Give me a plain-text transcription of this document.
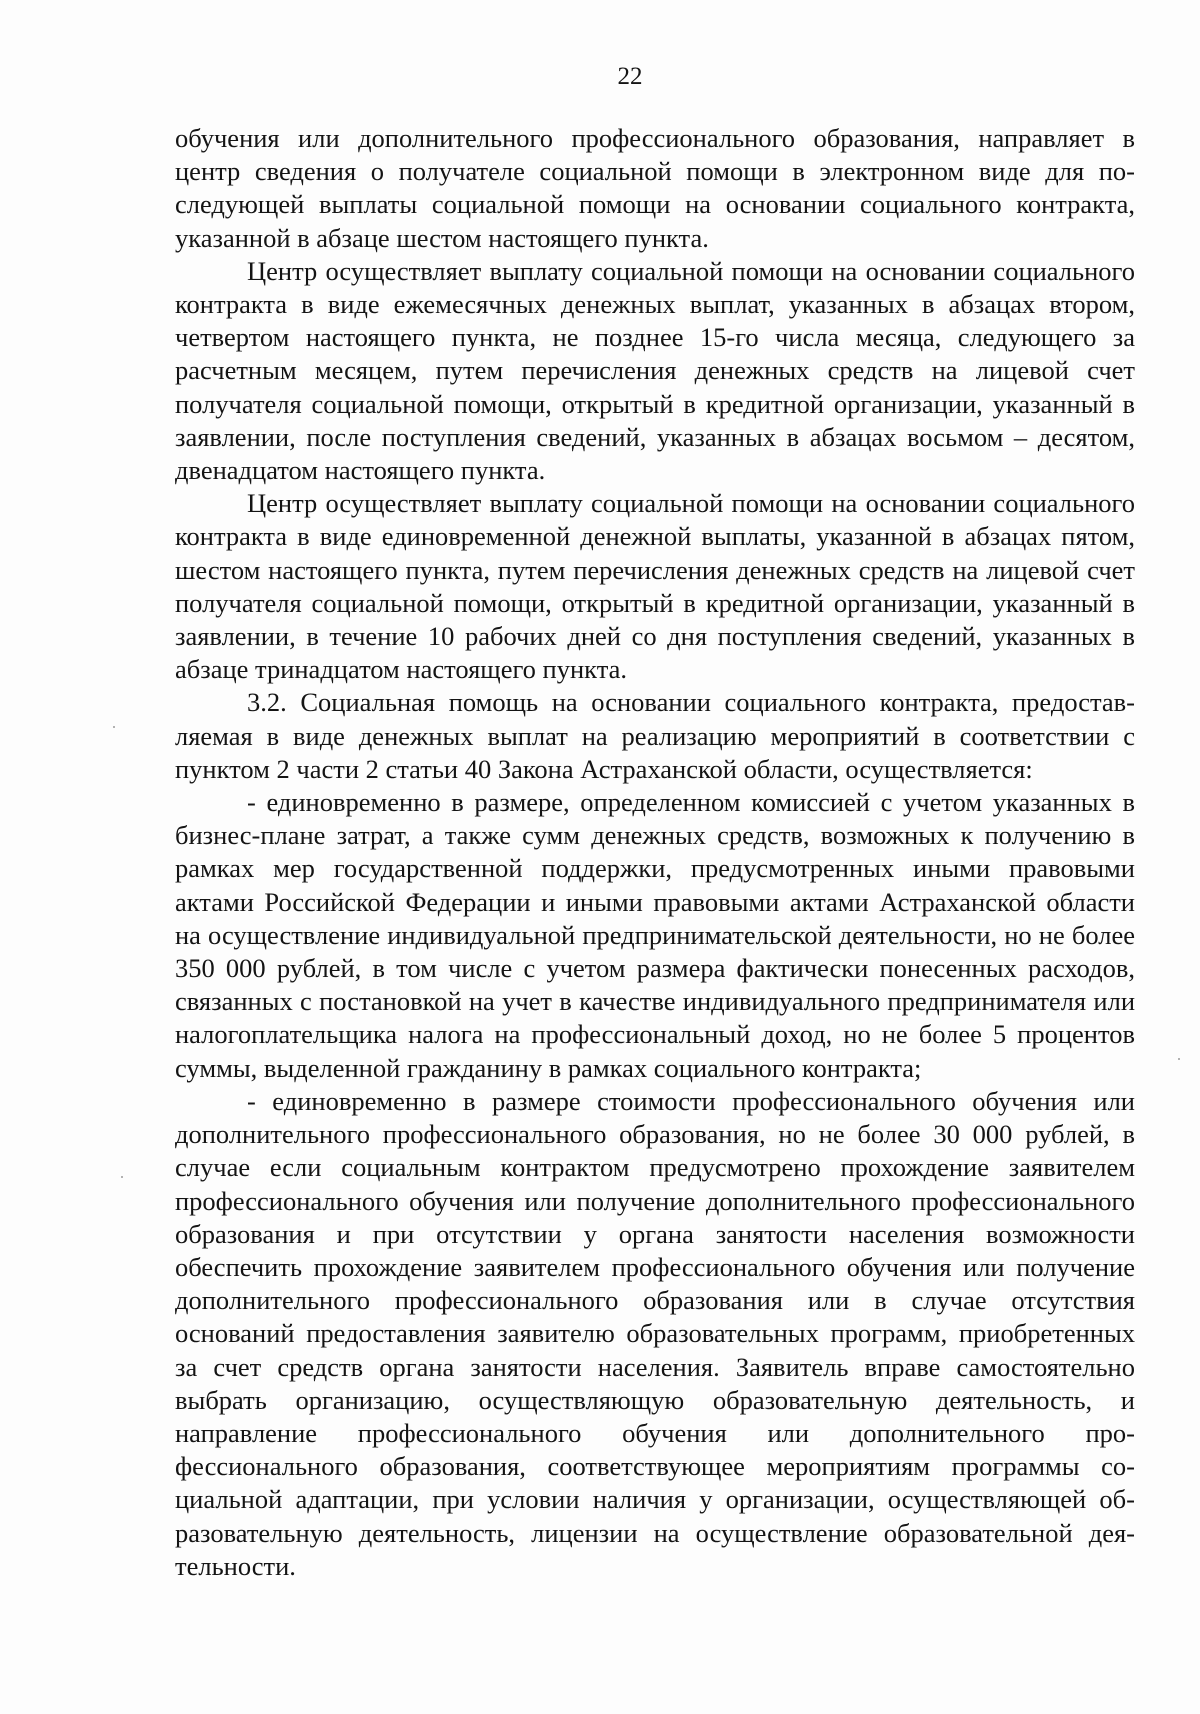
22

обучения или дополнительного профессионального образования, направляет в центр сведения о получателе социальной помощи в электронном виде для последующей выплаты социальной помощи на основании социального контракта, указанной в абзаце шестом настоящего пункта.

Центр осуществляет выплату социальной помощи на основании социального контракта в виде ежемесячных денежных выплат, указанных в абзацах втором, четвертом настоящего пункта, не позднее 15-го числа месяца, следующего за расчетным месяцем, путем перечисления денежных средств на лицевой счет получателя социальной помощи, открытый в кредитной организации, указанный в заявлении, после поступления сведений, указанных в абзацах восьмом – десятом, двенадцатом настоящего пункта.

Центр осуществляет выплату социальной помощи на основании социального контракта в виде единовременной денежной выплаты, указанной в абзацах пятом, шестом настоящего пункта, путем перечисления денежных средств на лицевой счет получателя социальной помощи, открытый в кредитной организации, указанный в заявлении, в течение 10 рабочих дней со дня поступления сведений, указанных в абзаце тринадцатом настоящего пункта.

3.2. Социальная помощь на основании социального контракта, предоставляемая в виде денежных выплат на реализацию мероприятий в соответствии с пунктом 2 части 2 статьи 40 Закона Астраханской области, осуществляется:

- единовременно в размере, определенном комиссией с учетом указанных в бизнес-плане затрат, а также сумм денежных средств, возможных к получению в рамках мер государственной поддержки, предусмотренных иными правовыми актами Российской Федерации и иными правовыми актами Астраханской области на осуществление индивидуальной предпринимательской деятельности, но не более 350 000 рублей, в том числе с учетом размера фактически понесенных расходов, связанных с постановкой на учет в качестве индивидуального предпринимателя или налогоплательщика налога на профессиональный доход, но не более 5 процентов суммы, выделенной гражданину в рамках социального контракта;

- единовременно в размере стоимости профессионального обучения или дополнительного профессионального образования, но не более 30 000 рублей, в случае если социальным контрактом предусмотрено прохождение заявителем профессионального обучения или получение дополнительного профессионального образования и при отсутствии у органа занятости населения возможности обеспечить прохождение заявителем профессионального обучения или получение дополнительного профессионального образования или в случае отсутствия оснований предоставления заявителю образовательных программ, приобретенных за счет средств органа занятости населения. Заявитель вправе самостоятельно выбрать организацию, осуществляющую образовательную деятельность, и направление профессионального обучения или дополнительного профессионального образования, соответствующее мероприятиям программы социальной адаптации, при условии наличия у организации, осуществляющей образовательную деятельность, лицензии на осуществление образовательной деятельности.
